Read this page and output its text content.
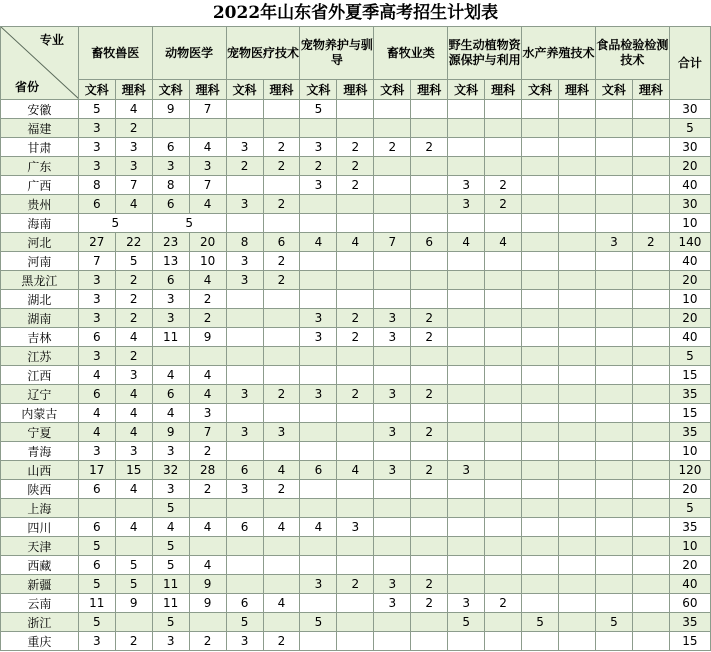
2022年山东省外夏季高考招生计划表
专业
省份	畜牧兽医		动物医学		宠物医疗技术		宠物养护与驯导		畜牧业类		野生动植物资源保护与利用		水产养殖技术		食品检验检测技术		合计
	文科	理科	文科	理科	文科	理科	文科	理科	文科	理科	文科	理科	文科	理科	文科	理科	
安徽	5	4	9	7			5										30
福建	3	2															5
甘肃	3	3	6	4	3	2	3	2	2	2							30
广东	3	3	3	3	2	2	2	2									20
广西	8	7	8	7			3	2			3	2					40
贵州	6	4	6	4	3	2					3	2					30
海南	5		5														10
河北	27	22	23	20	8	6	4	4	7	6	4	4			3	2	140
河南	7	5	13	10	3	2											40
黑龙江	3	2	6	4	3	2											20
湖北	3	2	3	2													10
湖南	3	2	3	2			3	2	3	2							20
吉林	6	4	11	9			3	2	3	2							40
江苏	3	2															5
江西	4	3	4	4													15
辽宁	6	4	6	4	3	2	3	2	3	2							35
内蒙古	4	4	4	3													15
宁夏	4	4	9	7	3	3			3	2							35
青海	3	3	3	2													10
山西	17	15	32	28	6	4	6	4	3	2	3						120
陕西	6	4	3	2	3	2											20
上海			5														5
四川	6	4	4	4	6	4	4	3									35
天津	5		5														10
西藏	6	5	5	4													20
新疆	5	5	11	9			3	2	3	2							40
云南	11	9	11	9	6	4			3	2	3	2					60
浙江	5		5		5		5				5		5		5		35
重庆	3	2	3	2	3	2											15
